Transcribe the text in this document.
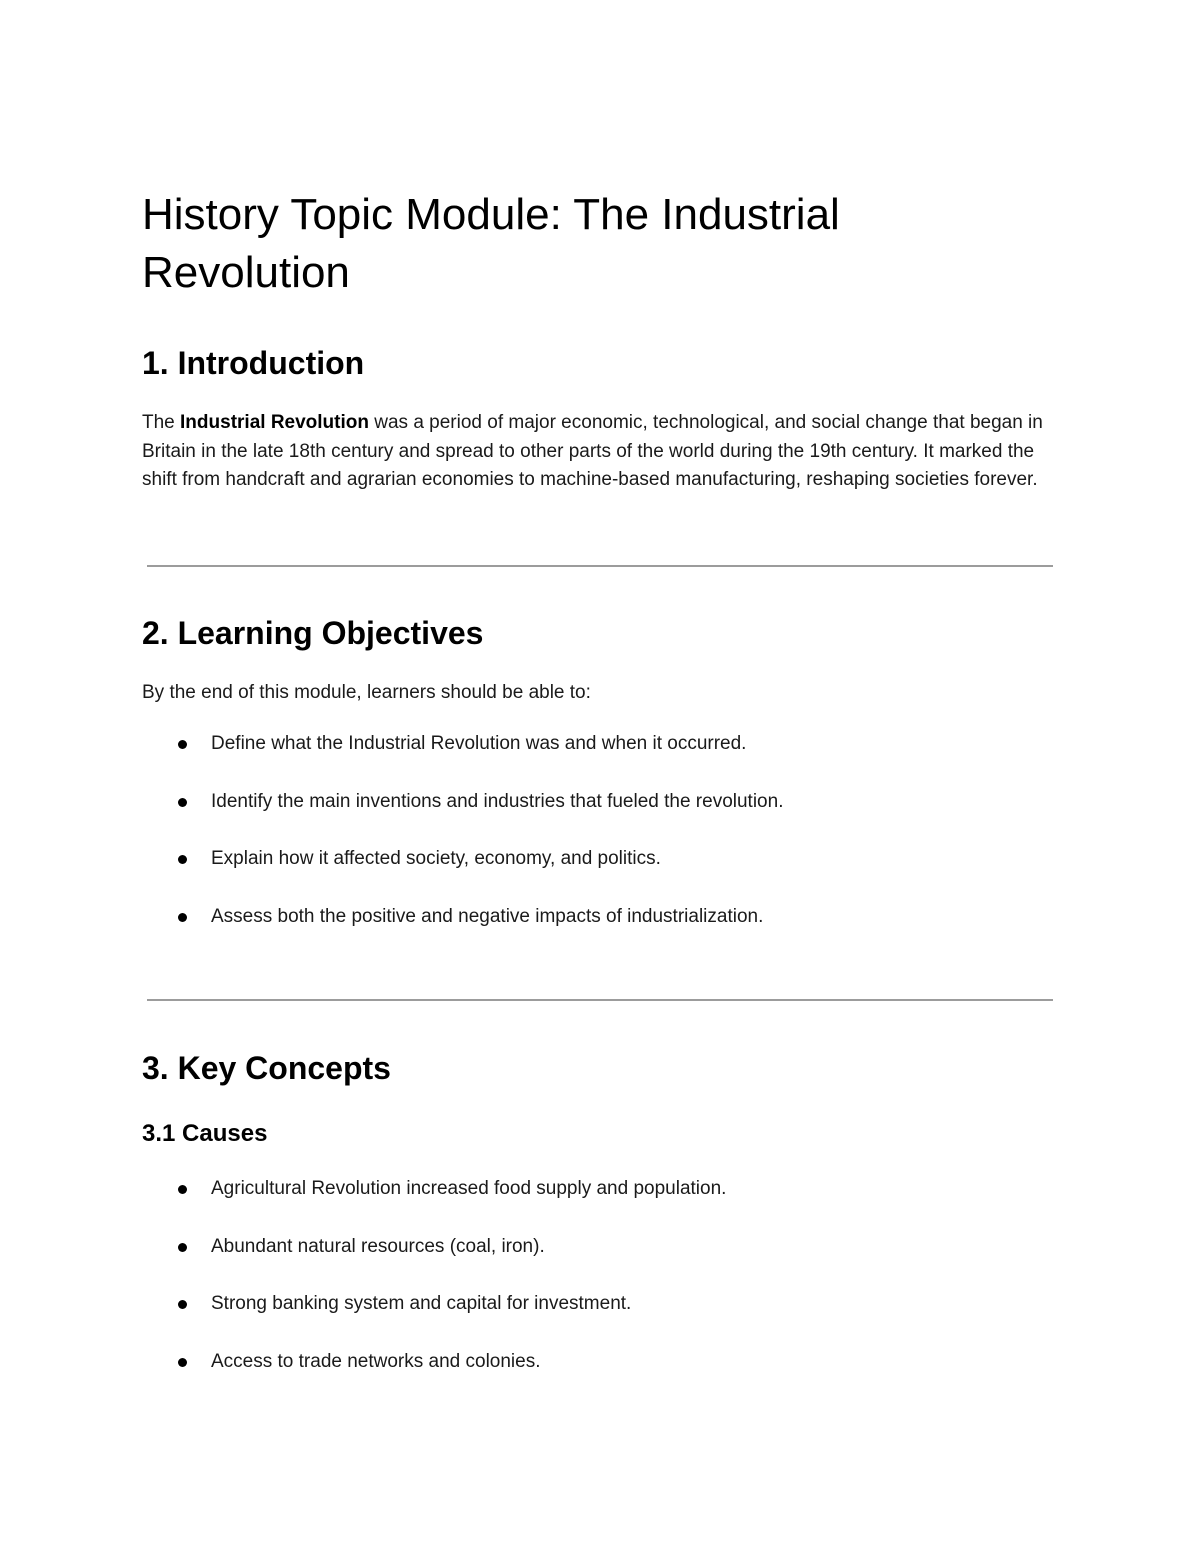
History Topic Module: The Industrial Revolution
1. Introduction

The Industrial Revolution was a period of major economic, technological, and social change that began in Britain in the late 18th century and spread to other parts of the world during the 19th century. It marked the shift from handcraft and agrarian economies to machine-based manufacturing, reshaping societies forever.

2. Learning Objectives

By the end of this module, learners should be able to:

Define what the Industrial Revolution was and when it occurred.
Identify the main inventions and industries that fueled the revolution.
Explain how it affected society, economy, and politics.
Assess both the positive and negative impacts of industrialization.
3. Key Concepts
3.1 Causes
Agricultural Revolution increased food supply and population.
Abundant natural resources (coal, iron).
Strong banking system and capital for investment.
Access to trade networks and colonies.
